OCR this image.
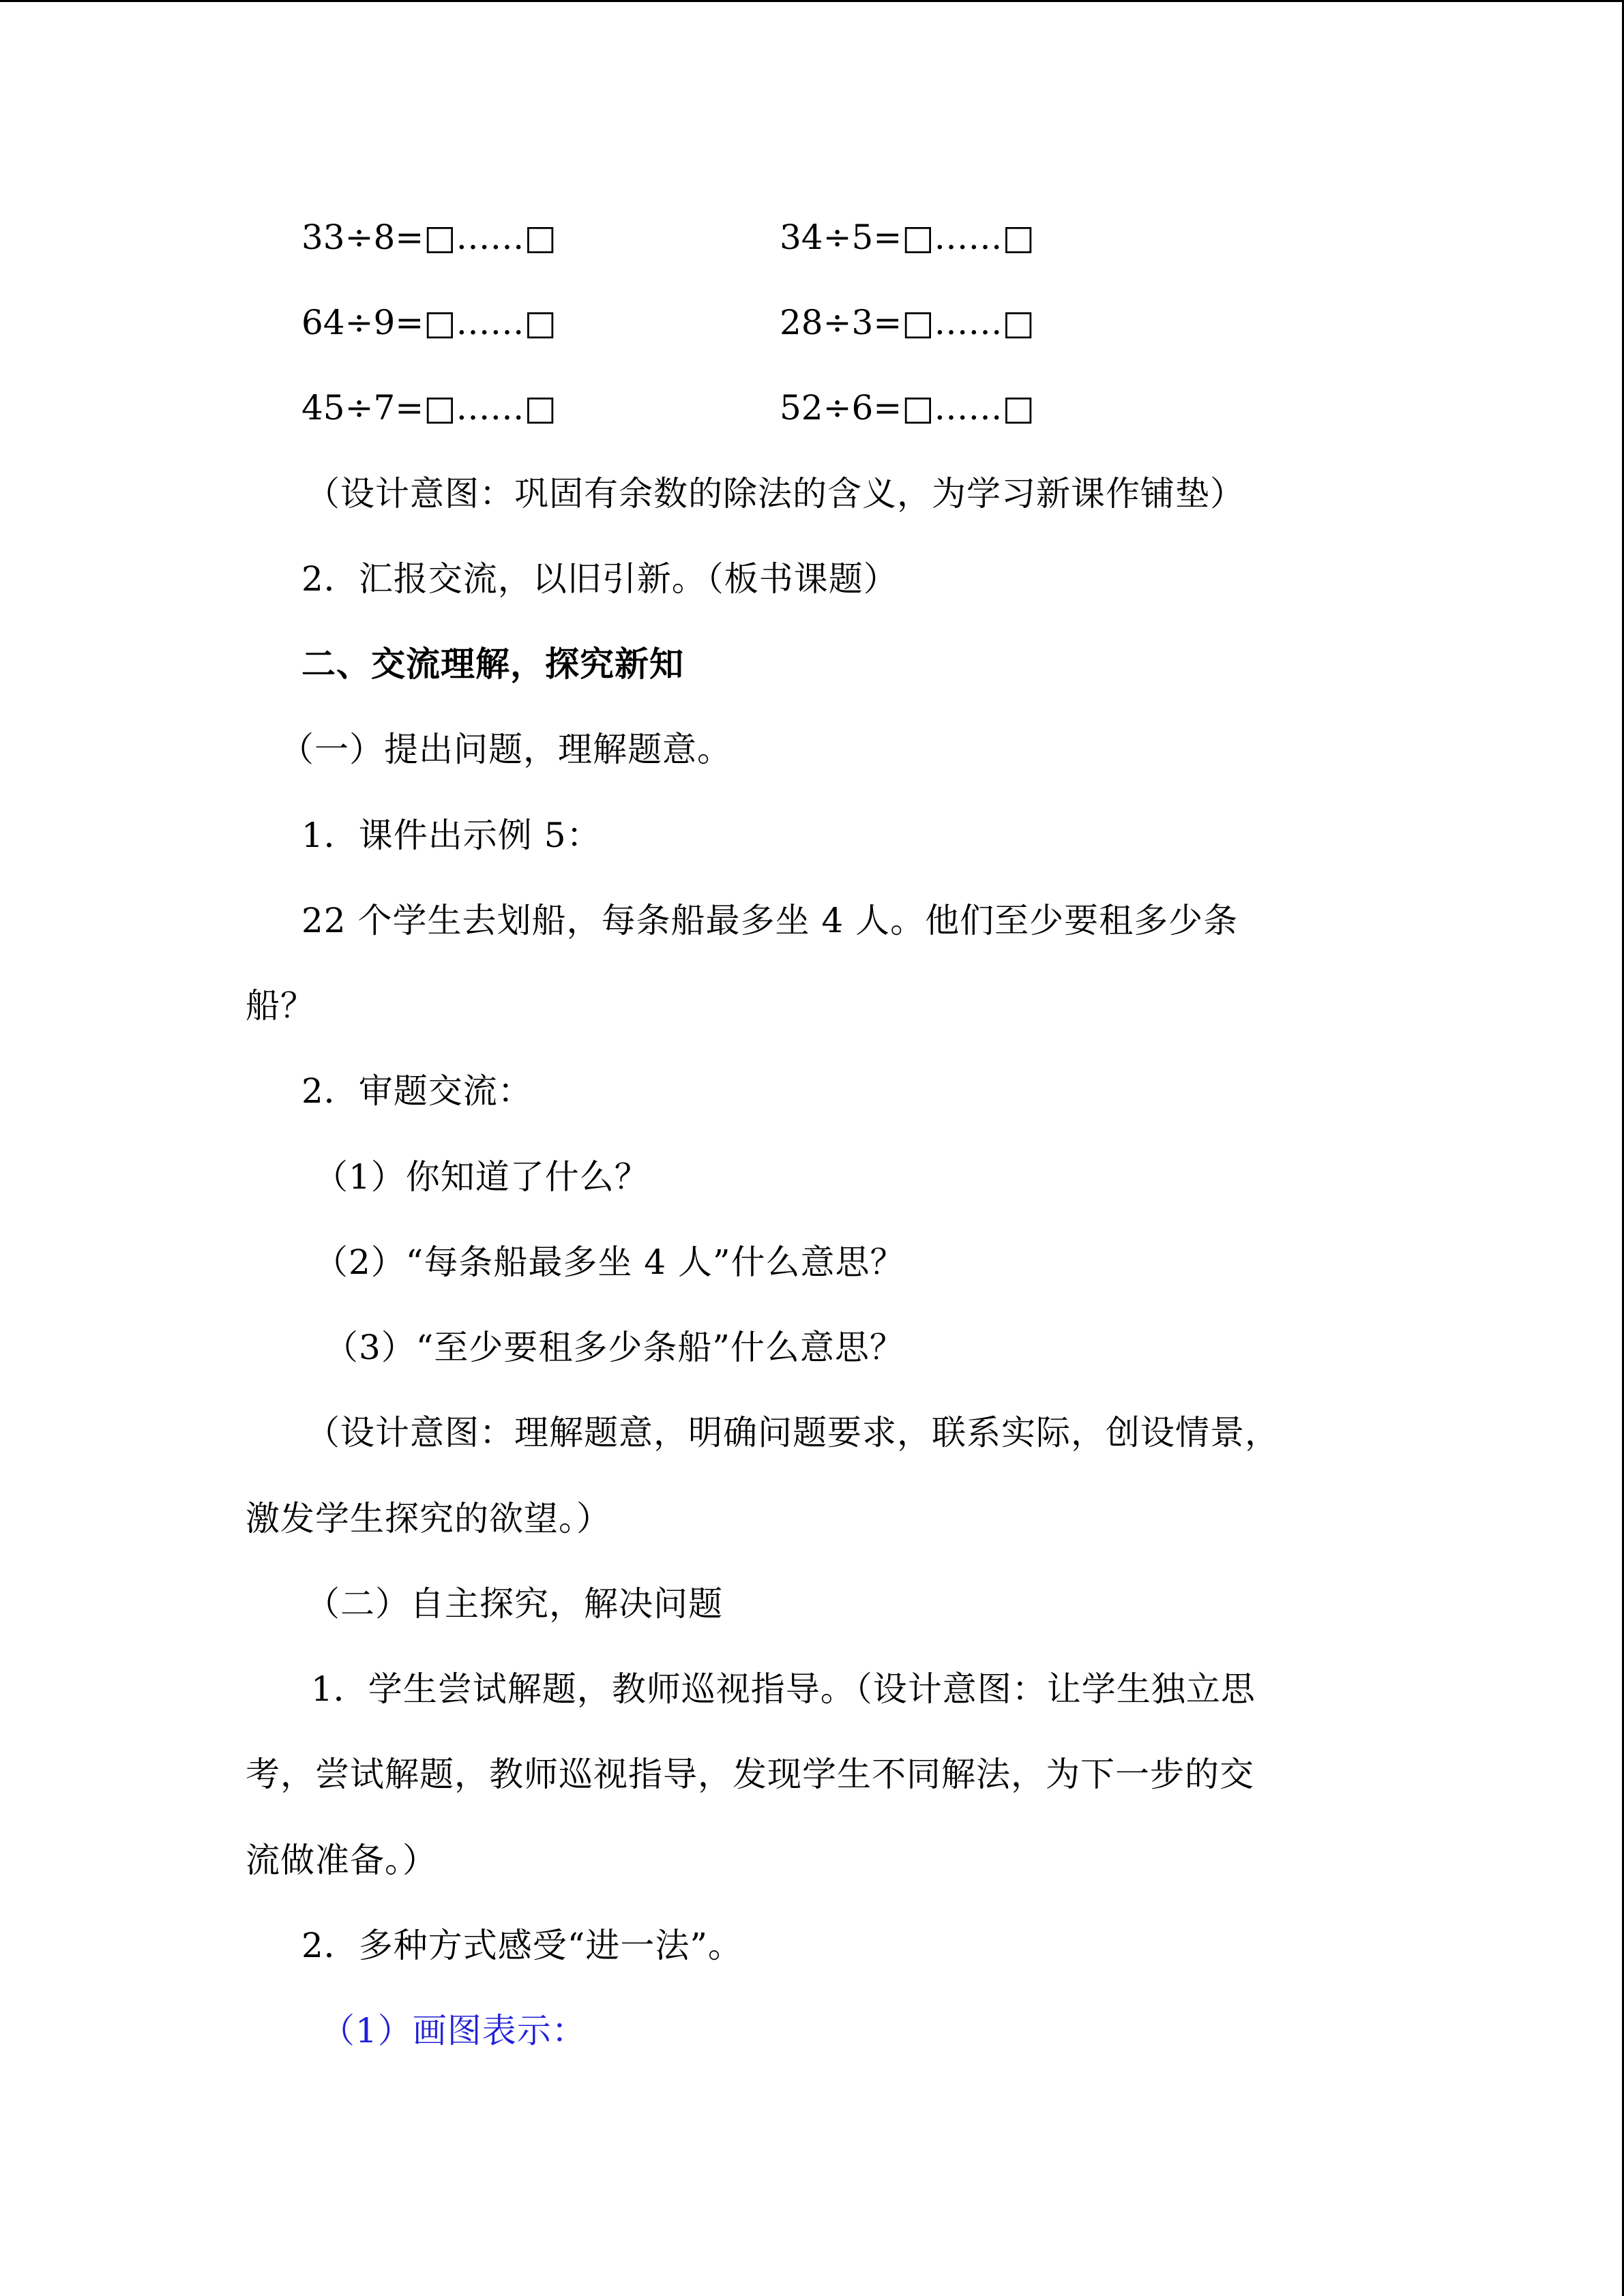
33÷8=□……□	34÷5=□……□
64÷9=□……□	28÷3=□……□
45÷7=□……□	52÷6=□……□
（设计意图：巩固有余数的除法的含义，为学习新课作铺垫）
2．汇报交流，以旧引新。（板书课题）
二、交流理解，探究新知
（一）提出问题，理解题意。
1．课件出示例 5：
22 个学生去划船，每条船最多坐 4 人。他们至少要租多少条
船？
2．审题交流：
（1）你知道了什么？
（2）“每条船最多坐 4 人”什么意思？
（3）“至少要租多少条船”什么意思？
（设计意图：理解题意，明确问题要求，联系实际，创设情景，
激发学生探究的欲望。）
（二）自主探究，解决问题
1．学生尝试解题，教师巡视指导。（设计意图：让学生独立思
考，尝试解题，教师巡视指导，发现学生不同解法，为下一步的交
流做准备。）
2．多种方式感受“进一法”。
（1）画图表示：
